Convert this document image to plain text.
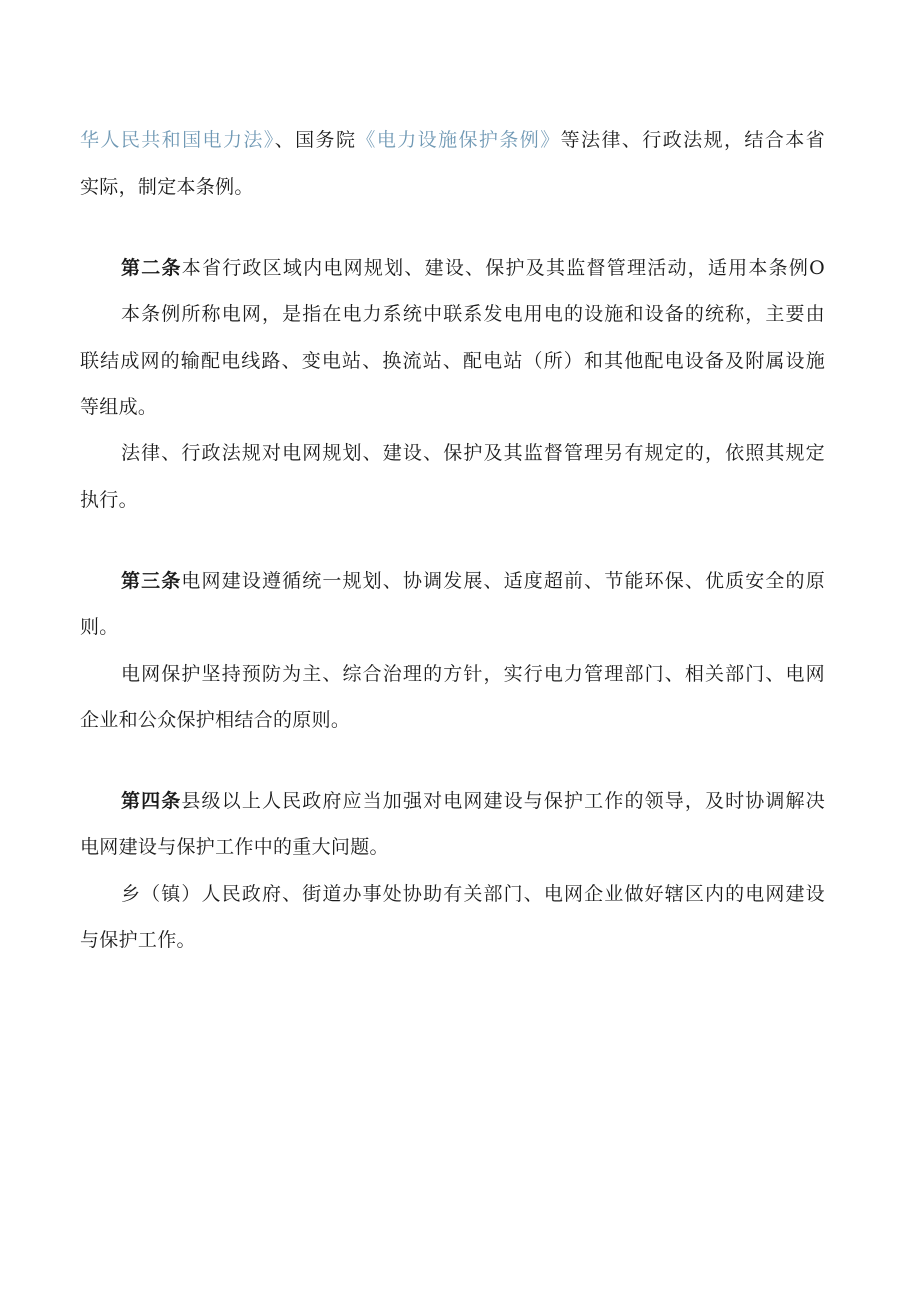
华人民共和国电力法》、国务院《电力设施保护条例》等法律、行政法规，结合本省
实际，制定本条例。
第二条本省行政区域内电网规划、建设、保护及其监督管理活动，适用本条例O
本条例所称电网，是指在电力系统中联系发电用电的设施和设备的统称，主要由
联结成网的输配电线路、变电站、换流站、配电站（所）和其他配电设备及附属设施
等组成。
法律、行政法规对电网规划、建设、保护及其监督管理另有规定的，依照其规定
执行。
第三条电网建设遵循统一规划、协调发展、适度超前、节能环保、优质安全的原
则。
电网保护坚持预防为主、综合治理的方针，实行电力管理部门、相关部门、电网
企业和公众保护相结合的原则。
第四条县级以上人民政府应当加强对电网建设与保护工作的领导，及时协调解决
电网建设与保护工作中的重大问题。
乡（镇）人民政府、街道办事处协助有关部门、电网企业做好辖区内的电网建设
与保护工作。
